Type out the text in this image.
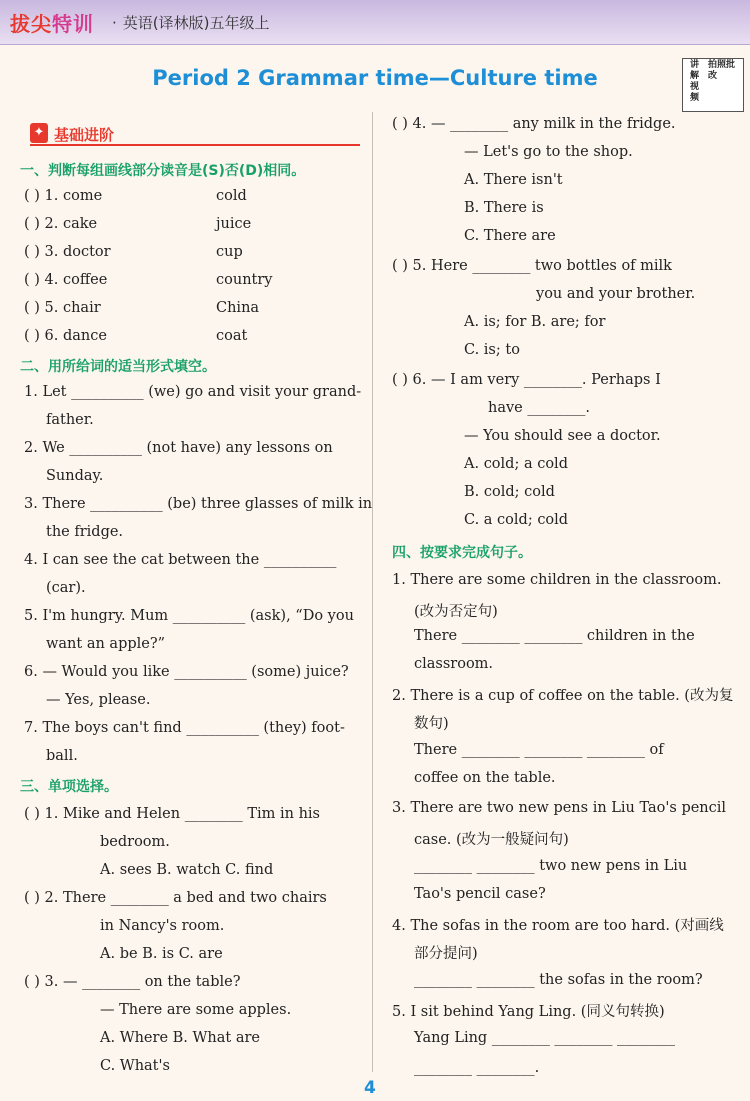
拔尖特训 · 英语(译林版)五年级上
Period 2 Grammar time—Culture time
讲解视频
拍照批改
✦ 基础进阶
一、判断每组画线部分读音是(S)否(D)相同。
( ) 1. come	cold
( ) 2. cake	juice
( ) 3. doctor	cup
( ) 4. coffee	country
( ) 5. chair	China
( ) 6. dance	coat
二、用所给词的适当形式填空。
1. Let __________ (we) go and visit your grand-
father.
2. We __________ (not have) any lessons on
Sunday.
3. There __________ (be) three glasses of milk in
the fridge.
4. I can see the cat between the __________
(car).
5. I'm hungry. Mum __________ (ask), “Do you
want an apple?”
6. — Would you like __________ (some) juice?
— Yes, please.
7. The boys can't find __________ (they) foot-
ball.
三、单项选择。
( ) 1. Mike and Helen ________ Tim in his
bedroom.
A. sees B. watch C. find
( ) 2. There ________ a bed and two chairs
in Nancy's room.
A. be B. is C. are
( ) 3. — ________ on the table?
— There are some apples.
A. Where B. What are
C. What's
( ) 4. — ________ any milk in the fridge.
— Let's go to the shop.
A. There isn't
B. There is
C. There are
( ) 5. Here ________ two bottles of milk
you and your brother.
A. is; for B. are; for
C. is; to
( ) 6. — I am very ________. Perhaps I
have ________.
— You should see a doctor.
A. cold; a cold
B. cold; cold
C. a cold; cold
四、按要求完成句子。
1. There are some children in the classroom.
(改为否定句)
There ________ ________ children in the
classroom.
2. There is a cup of coffee on the table. (改为复
数句)
There ________ ________ ________ of
coffee on the table.
3. There are two new pens in Liu Tao's pencil
case. (改为一般疑问句)
________ ________ two new pens in Liu
Tao's pencil case?
4. The sofas in the room are too hard. (对画线
部分提问)
________ ________ the sofas in the room?
5. I sit behind Yang Ling. (同义句转换)
Yang Ling ________ ________ ________
________ ________.
4
